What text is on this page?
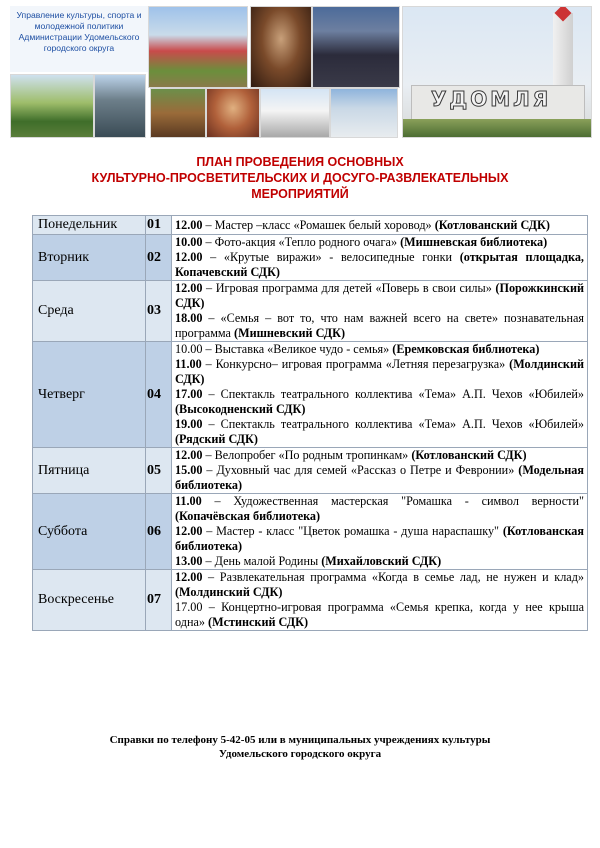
Управление культуры, спорта и
молодежной политики
Администрации Удомельского
городского округа
УДОМЛЯ
ПЛАН ПРОВЕДЕНИЯ ОСНОВНЫХ
КУЛЬТУРНО-ПРОСВЕТИТЕЛЬСКИХ И ДОСУГО-РАЗВЛЕКАТЕЛЬНЫХ
МЕРОПРИЯТИЙ
Понедельник	01	12.00 – Мастер –класс «Ромашек белый хоровод» (Котлованский СДК)

Вторник	02	10.00 – Фото-акция «Тепло родного очага» (Мишневская библиотека)
12.00 – «Крутые виражи» - велосипедные гонки (открытая площадка, Копачевский СДК)

Среда	03	12.00 – Игровая программа для детей «Поверь в свои силы» (Порожкинский СДК)
18.00 – «Семья – вот то, что нам важней всего на свете» познавательная программа (Мишневский СДК)

Четверг	04	10.00 – Выставка «Великое чудо - семья» (Еремковская библиотека)
11.00 – Конкурсно– игровая программа «Летняя перезагрузка» (Молдинский СДК)
17.00 – Спектакль театрального коллектива «Тема» А.П. Чехов «Юбилей» (Высокодненский СДК)
19.00 – Спектакль театрального коллектива «Тема» А.П. Чехов «Юбилей» (Рядский СДК)

Пятница	05	12.00 – Велопробег «По родным тропинкам» (Котлованский СДК)
15.00 – Духовный час для семей «Рассказ о Петре и Февронии» (Модельная библиотека)

Суббота	06	11.00 – Художественная мастерская "Ромашка - символ верности" (Копачёвская библиотека)
12.00 – Мастер - класс "Цветок ромашка - душа нараспашку" (Котлованская библиотека)
13.00 – День малой Родины (Михайловский СДК)

Воскресенье	07	12.00 – Развлекательная программа «Когда в семье лад, не нужен и клад» (Молдинский СДК)
17.00 – Концертно-игровая программа «Семья крепка, когда у нее крыша одна» (Мстинский СДК)
Справки по телефону 5-42-05 или в муниципальных учреждениях культуры
Удомельского городского округа
